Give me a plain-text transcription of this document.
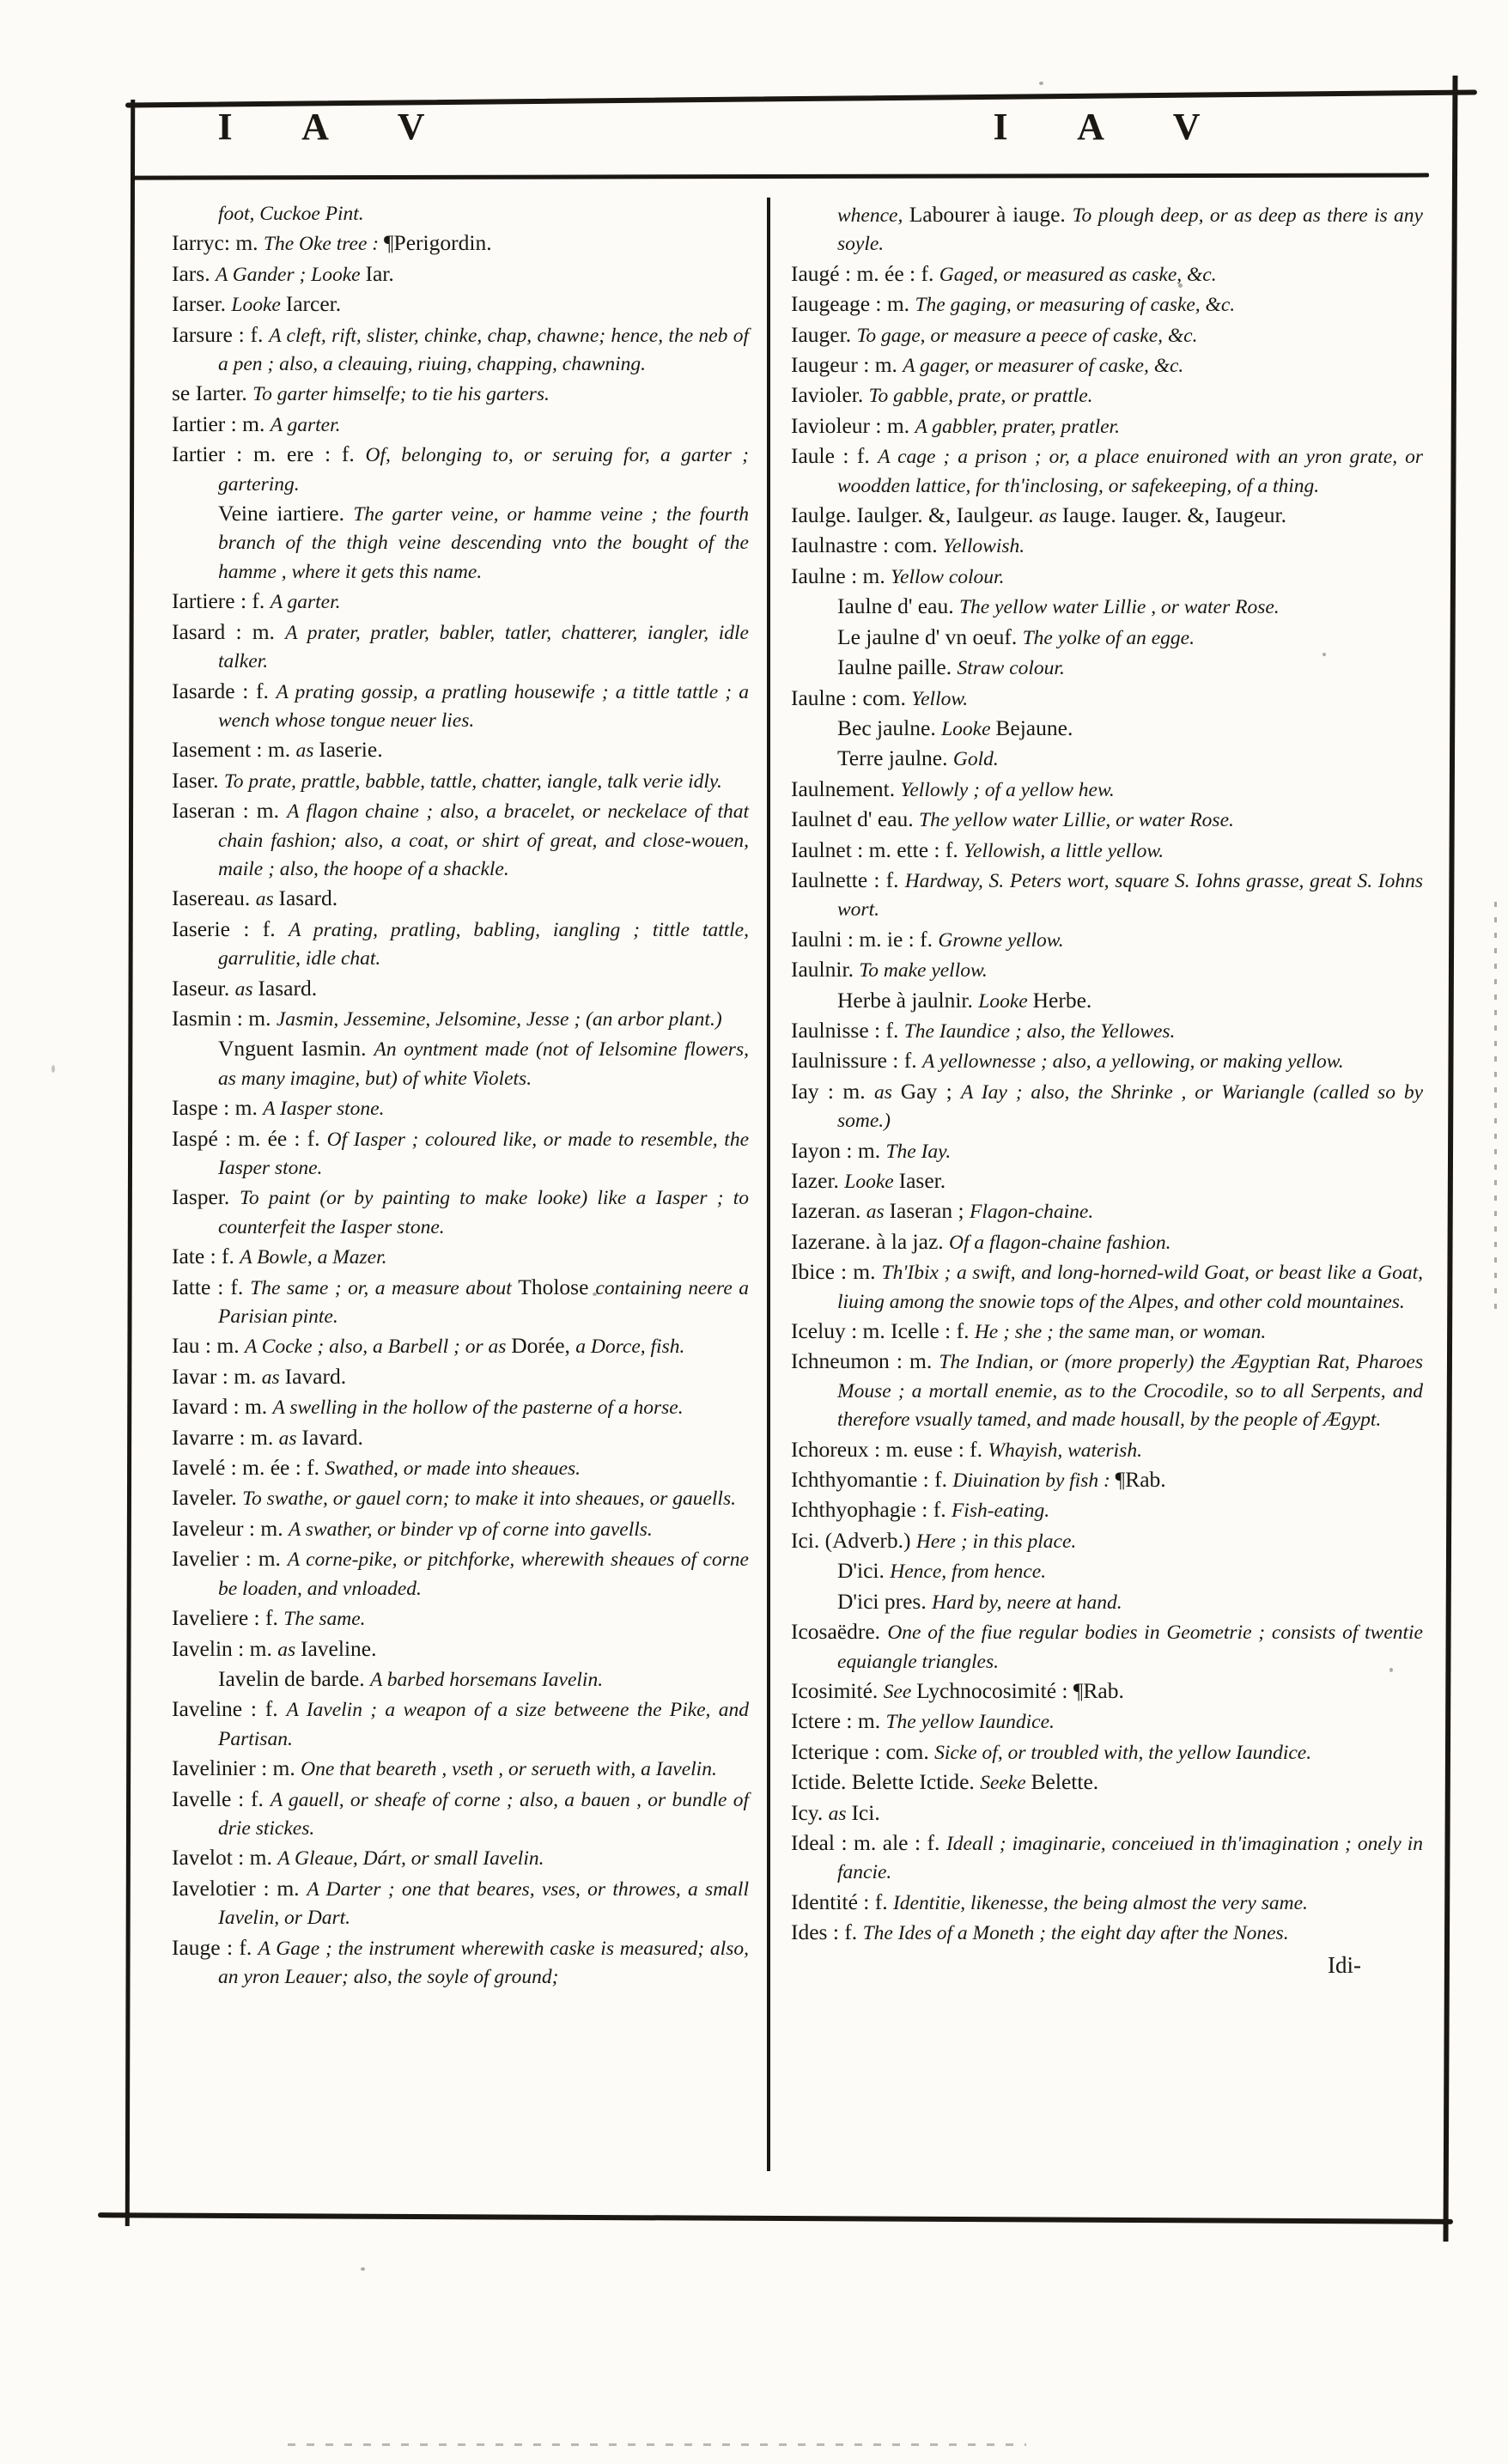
I A V	I A V

foot, Cuckoe Pint.

Iarryc: m. The Oke tree : ¶Perigordin.

Iars. A Gander ; Looke Iar.

Iarser. Looke Iarcer.

Iarsure : f. A cleft, rift, slister, chinke, chap, chawne; hence, the neb of a pen ; also, a cleauing, riuing, chapping, chawning.

se Iarter. To garter himselfe; to tie his garters.

Iartier : m. A garter.

Iartier : m. ere : f. Of, belonging to, or seruing for, a garter ; gartering.

Veine iartiere. The garter veine, or hamme veine ; the fourth branch of the thigh veine descending vnto the bought of the hamme , where it gets this name.

Iartiere : f. A garter.

Iasard : m. A prater, pratler, babler, tatler, chatterer, iangler, idle talker.

Iasarde : f. A prating gossip, a pratling housewife ; a tittle tattle ; a wench whose tongue neuer lies.

Iasement : m. as Iaserie.

Iaser. To prate, prattle, babble, tattle, chatter, iangle, talk verie idly.

Iaseran : m. A flagon chaine ; also, a bracelet, or neckelace of that chain fashion; also, a coat, or shirt of great, and close-wouen, maile ; also, the hoope of a shackle.

Iasereau. as Iasard.

Iaserie : f. A prating, pratling, babling, iangling ; tittle tattle, garrulitie, idle chat.

Iaseur. as Iasard.

Iasmin : m. Jasmin, Jessemine, Jelsomine, Jesse ; (an arbor plant.)

Vnguent Iasmin. An oyntment made (not of Ielsomine flowers, as many imagine, but) of white Violets.

Iaspe : m. A Iasper stone.

Iaspé : m. ée : f. Of Iasper ; coloured like, or made to resemble, the Iasper stone.

Iasper. To paint (or by painting to make looke) like a Iasper ; to counterfeit the Iasper stone.

Iate : f. A Bowle, a Mazer.

Iatte : f. The same ; or, a measure about Tholose containing neere a Parisian pinte.

Iau : m. A Cocke ; also, a Barbell ; or as Dorée, a Dorce, fish.

Iavar : m. as Iavard.

Iavard : m. A swelling in the hollow of the pasterne of a horse.

Iavarre : m. as Iavard.

Iavelé : m. ée : f. Swathed, or made into sheaues.

Iaveler. To swathe, or gauel corn; to make it into sheaues, or gauells.

Iaveleur : m. A swather, or binder vp of corne into gavells.

Iavelier : m. A corne-pike, or pitchforke, wherewith sheaues of corne be loaden, and vnloaded.

Iaveliere : f. The same.

Iavelin : m. as Iaveline.

Iavelin de barde. A barbed horsemans Iavelin.

Iaveline : f. A Iavelin ; a weapon of a size betweene the Pike, and Partisan.

Iavelinier : m. One that beareth , vseth , or serueth with, a Iavelin.

Iavelle : f. A gauell, or sheafe of corne ; also, a bauen , or bundle of drie stickes.

Iavelot : m. A Gleaue, Dárt, or small Iavelin.

Iavelotier : m. A Darter ; one that beares, vses, or throwes, a small Iavelin, or Dart.

Iauge : f. A Gage ; the instrument wherewith caske is measured; also, an yron Leauer; also, the soyle of ground;

whence, Labourer à iauge. To plough deep, or as deep as there is any soyle.

Iaugé : m. ée : f. Gaged, or measured as caske, &c.

Iaugeage : m. The gaging, or measuring of caske, &c.

Iauger. To gage, or measure a peece of caske, &c.

Iaugeur : m. A gager, or measurer of caske, &c.

Iavioler. To gabble, prate, or prattle.

Iavioleur : m. A gabbler, prater, pratler.

Iaule : f. A cage ; a prison ; or, a place enuironed with an yron grate, or woodden lattice, for th'inclosing, or safekeeping, of a thing.

Iaulge. Iaulger. &, Iaulgeur. as Iauge. Iauger. &, Iaugeur.

Iaulnastre : com. Yellowish.

Iaulne : m. Yellow colour.

Iaulne d' eau. The yellow water Lillie , or water Rose.

Le jaulne d' vn oeuf. The yolke of an egge.

Iaulne paille. Straw colour.

Iaulne : com. Yellow.

Bec jaulne. Looke Bejaune.

Terre jaulne. Gold.

Iaulnement. Yellowly ; of a yellow hew.

Iaulnet d' eau. The yellow water Lillie, or water Rose.

Iaulnet : m. ette : f. Yellowish, a little yellow.

Iaulnette : f. Hardway, S. Peters wort, square S. Iohns grasse, great S. Iohns wort.

Iaulni : m. ie : f. Growne yellow.

Iaulnir. To make yellow.

Herbe à jaulnir. Looke Herbe.

Iaulnisse : f. The Iaundice ; also, the Yellowes.

Iaulnissure : f. A yellownesse ; also, a yellowing, or making yellow.

Iay : m. as Gay ; A Iay ; also, the Shrinke , or Wariangle (called so by some.)

Iayon : m. The Iay.

Iazer. Looke Iaser.

Iazeran. as Iaseran ; Flagon-chaine.

Iazerane. à la jaz. Of a flagon-chaine fashion.

Ibice : m. Th'Ibix ; a swift, and long-horned-wild Goat, or beast like a Goat, liuing among the snowie tops of the Alpes, and other cold mountaines.

Iceluy : m. Icelle : f. He ; she ; the same man, or woman.

Ichneumon : m. The Indian, or (more properly) the Ægyptian Rat, Pharoes Mouse ; a mortall enemie, as to the Crocodile, so to all Serpents, and therefore vsually tamed, and made housall, by the people of Ægypt.

Ichoreux : m. euse : f. Whayish, waterish.

Ichthyomantie : f. Diuination by fish : ¶Rab.

Ichthyophagie : f. Fish-eating.

Ici. (Adverb.) Here ; in this place.

D'ici. Hence, from hence.

D'ici pres. Hard by, neere at hand.

Icosaëdre. One of the fiue regular bodies in Geometrie ; consists of twentie equiangle triangles.

Icosimité. See Lychnocosimité : ¶Rab.

Ictere : m. The yellow Iaundice.

Icterique : com. Sicke of, or troubled with, the yellow Iaundice.

Ictide. Belette Ictide. Seeke Belette.

Icy. as Ici.

Ideal : m. ale : f. Ideall ; imaginarie, conceiued in th'imagination ; onely in fancie.

Identité : f. Identitie, likenesse, the being almost the very same.

Ides : f. The Ides of a Moneth ; the eight day after the Nones.

Idi-
